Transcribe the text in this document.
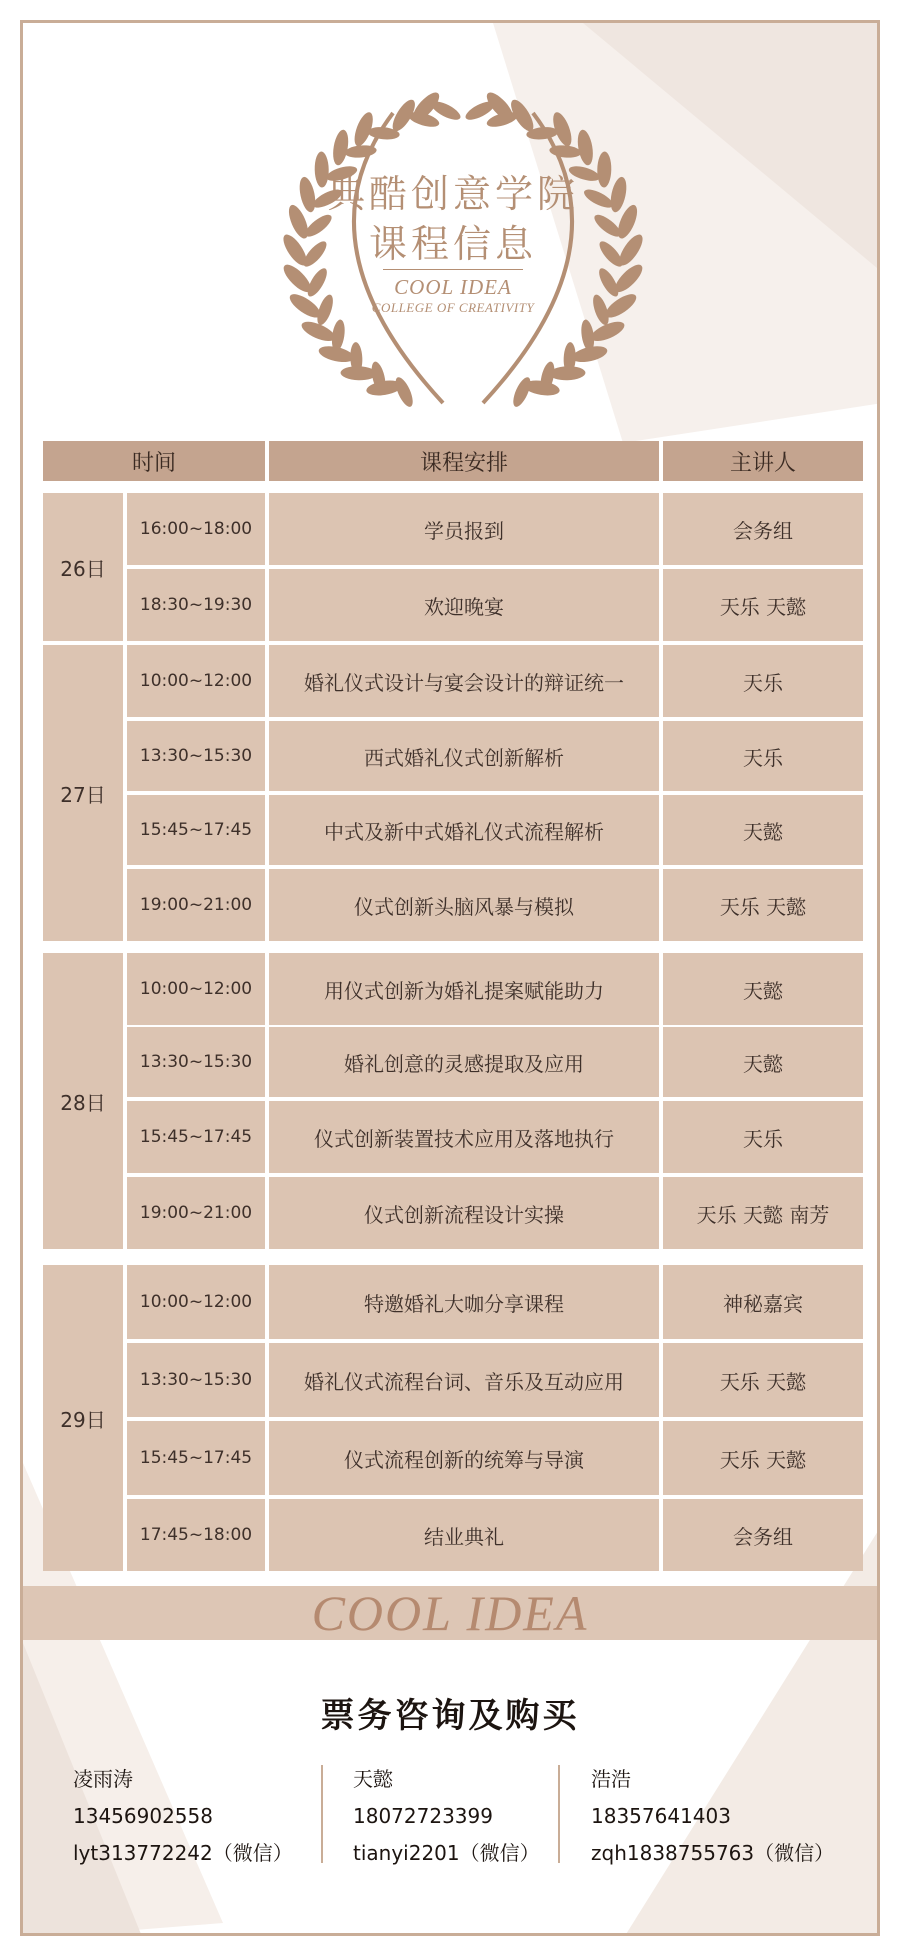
典酷创意学院
课程信息
COOL IDEA
COLLEGE OF CREATIVITY
时间	课程安排	主讲人
26日
16:00~18:00	学员报到	会务组
18:30~19:30	欢迎晚宴	天乐 天懿
27日
10:00~12:00	婚礼仪式设计与宴会设计的辩证统一	天乐
13:30~15:30	西式婚礼仪式创新解析	天乐
15:45~17:45	中式及新中式婚礼仪式流程解析	天懿
19:00~21:00	仪式创新头脑风暴与模拟	天乐 天懿
28日
10:00~12:00	用仪式创新为婚礼提案赋能助力	天懿
13:30~15:30	婚礼创意的灵感提取及应用	天懿
15:45~17:45	仪式创新装置技术应用及落地执行	天乐
19:00~21:00	仪式创新流程设计实操	天乐 天懿 南芳
29日
10:00~12:00	特邀婚礼大咖分享课程	神秘嘉宾
13:30~15:30	婚礼仪式流程台词、音乐及互动应用	天乐 天懿
15:45~17:45	仪式流程创新的统筹与导演	天乐 天懿
17:45~18:00	结业典礼	会务组
COOL IDEA
票务咨询及购买
凌雨涛
13456902558
lyt313772242（微信）
天懿
18072723399
tianyi2201（微信）
浩浩
18357641403
zqh1838755763（微信）
